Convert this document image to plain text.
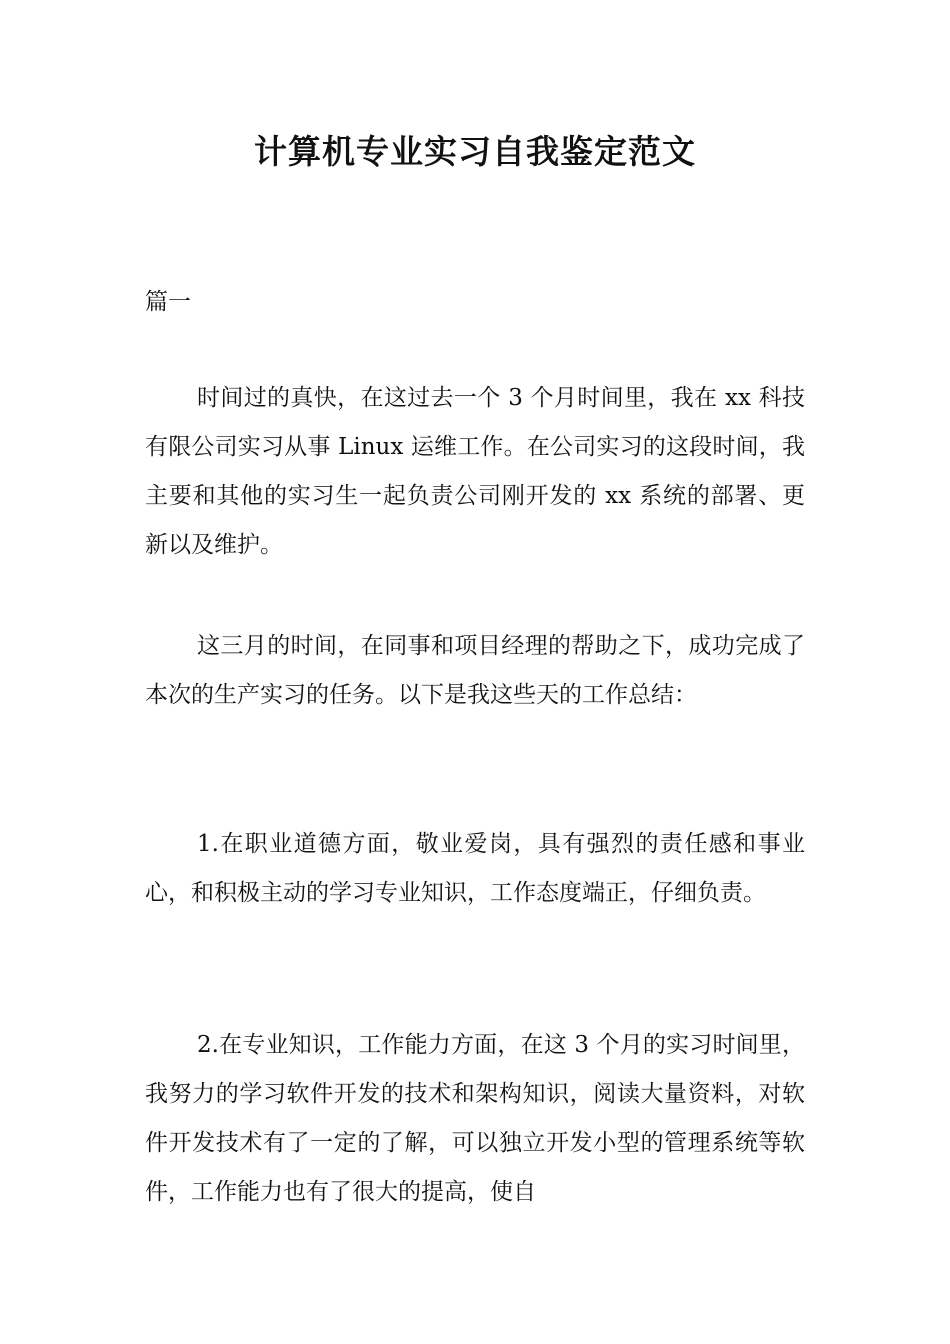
计算机专业实习自我鉴定范文

篇一

时间过的真快，在这过去一个 3 个月时间里，我在 xx 科技有限公司实习从事 Linux 运维工作。在公司实习的这段时间，我主要和其他的实习生一起负责公司刚开发的 xx 系统的部署、更新以及维护。

这三月的时间，在同事和项目经理的帮助之下，成功完成了本次的生产实习的任务。以下是我这些天的工作总结：

1.在职业道德方面，敬业爱岗，具有强烈的责任感和事业心，和积极主动的学习专业知识，工作态度端正，仔细负责。

2.在专业知识，工作能力方面，在这 3 个月的实习时间里，我努力的学习软件开发的技术和架构知识，阅读大量资料，对软件开发技术有了一定的了解，可以独立开发小型的管理系统等软件，工作能力也有了很大的提高，使自
